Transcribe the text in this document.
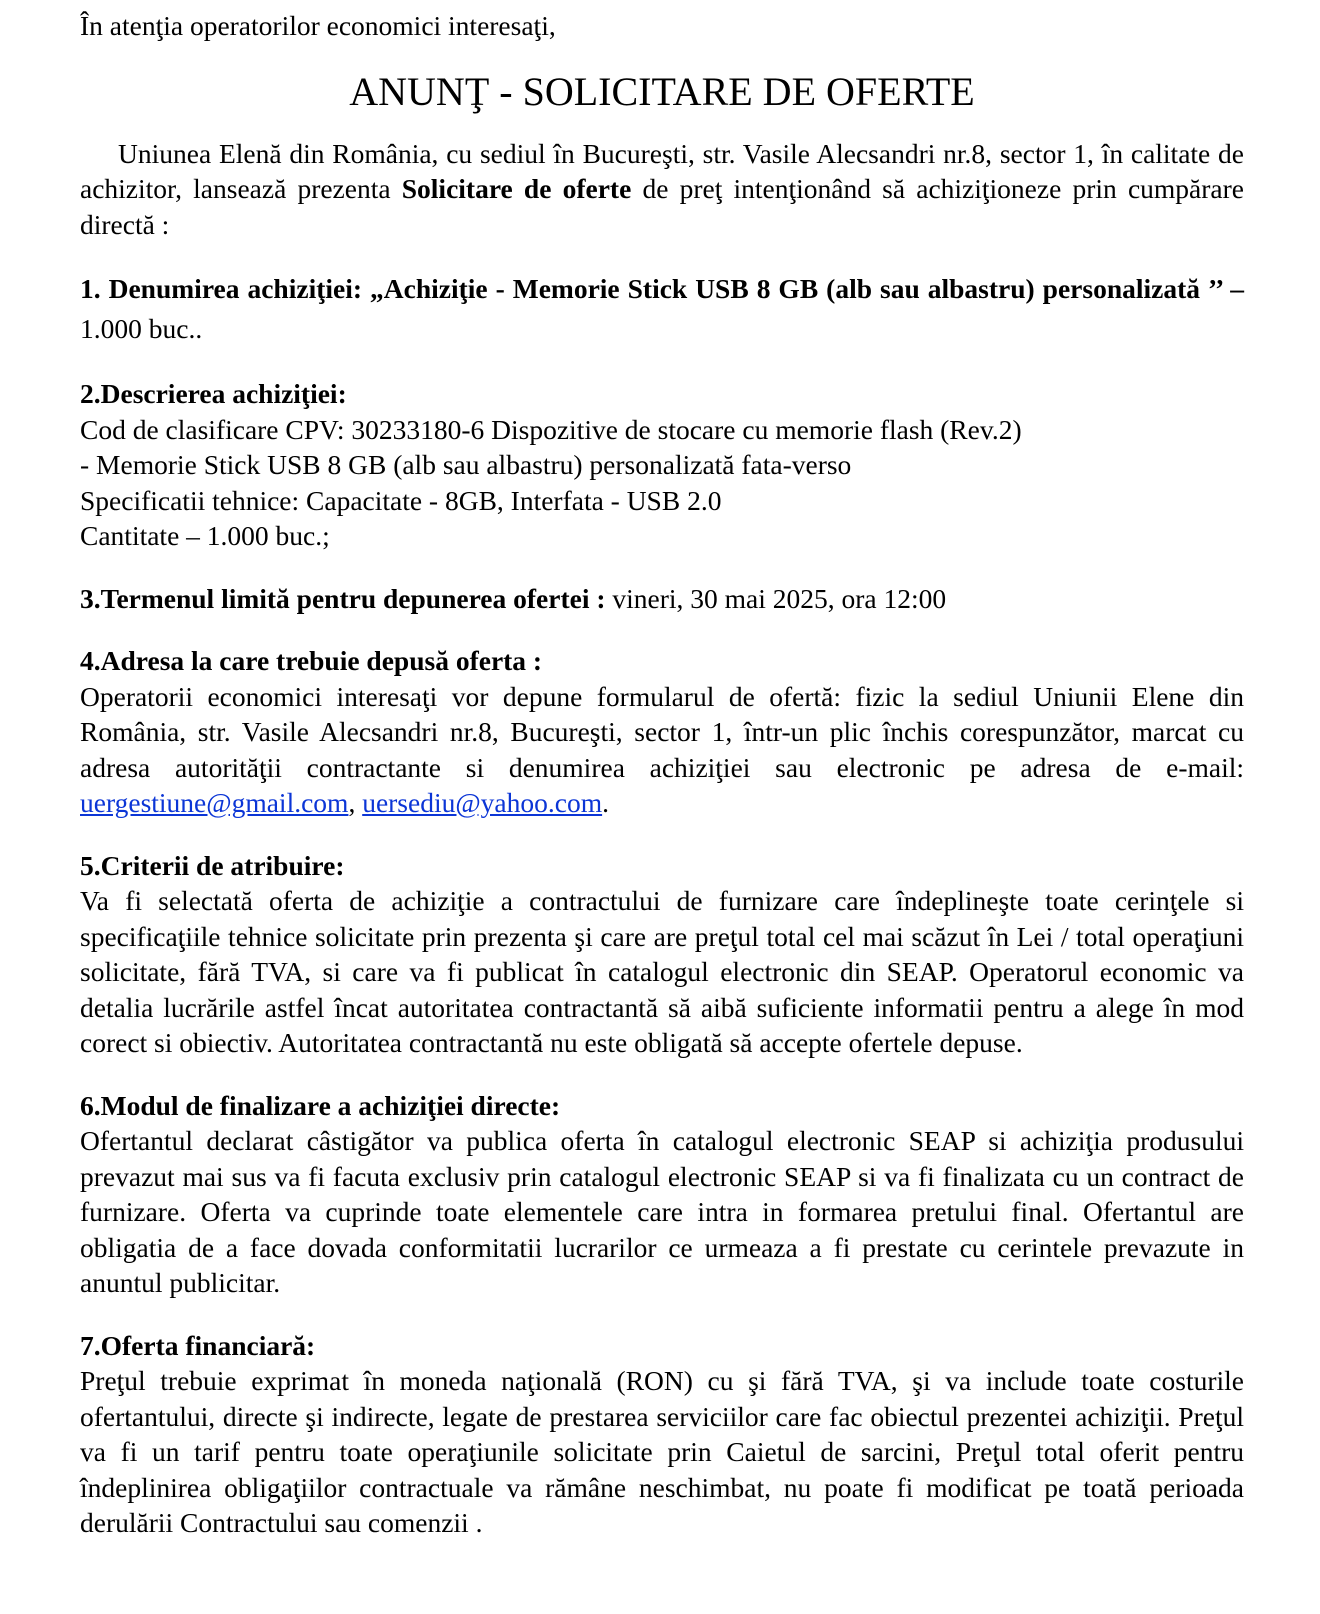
În atenţia operatorilor economici interesaţi,

ANUNŢ - SOLICITARE DE OFERTE

Uniunea Elenă din România, cu sediul în Bucureşti, str. Vasile Alecsandri nr.8, sector 1, în calitate de achizitor, lansează prezenta Solicitare de oferte de preţ intenţionând să achiziţioneze prin cumpărare directă :

1. Denumirea achiziţiei: „Achiziţie - Memorie Stick USB 8 GB (alb sau albastru) personalizată ’’ – 1.000 buc..

2.Descrierea achiziţiei:

Cod de clasificare CPV: 30233180-6 Dispozitive de stocare cu memorie flash (Rev.2)

- Memorie Stick USB 8 GB (alb sau albastru) personalizată fata-verso

Specificatii tehnice: Capacitate - 8GB, Interfata - USB 2.0

Cantitate – 1.000 buc.;

3.Termenul limită pentru depunerea ofertei : vineri, 30 mai 2025, ora 12:00

4.Adresa la care trebuie depusă oferta :

Operatorii economici interesaţi vor depune formularul de ofertă: fizic la sediul Uniunii Elene din România, str. Vasile Alecsandri nr.8, Bucureşti, sector 1, într-un plic închis corespunzător, marcat cu adresa autorităţii contractante si denumirea achiziţiei sau electronic pe adresa de e-mail: uergestiune@gmail.com, uersediu@yahoo.com.

5.Criterii de atribuire:

Va fi selectată oferta de achiziţie a contractului de furnizare care îndeplineşte toate cerinţele si specificaţiile tehnice solicitate prin prezenta şi care are preţul total cel mai scăzut în Lei / total operaţiuni solicitate, fără TVA, si care va fi publicat în catalogul electronic din SEAP. Operatorul economic va detalia lucrările astfel încat autoritatea contractantă să aibă suficiente informatii pentru a alege în mod corect si obiectiv. Autoritatea contractantă nu este obligată să accepte ofertele depuse.

6.Modul de finalizare a achiziţiei directe:

Ofertantul declarat câstigător va publica oferta în catalogul electronic SEAP si achiziţia produsului prevazut mai sus va fi facuta exclusiv prin catalogul electronic SEAP si va fi finalizata cu un contract de furnizare. Oferta va cuprinde toate elementele care intra in formarea pretului final. Ofertantul are obligatia de a face dovada conformitatii lucrarilor ce urmeaza a fi prestate cu cerintele prevazute in anuntul publicitar.

7.Oferta financiară:

Preţul trebuie exprimat în moneda naţională (RON) cu şi fără TVA, şi va include toate costurile ofertantului, directe şi indirecte, legate de prestarea serviciilor care fac obiectul prezentei achiziţii. Preţul va fi un tarif pentru toate operaţiunile solicitate prin Caietul de sarcini, Preţul total oferit pentru îndeplinirea obligaţiilor contractuale va rămâne neschimbat, nu poate fi modificat pe toată perioada derulării Contractului sau comenzii .
